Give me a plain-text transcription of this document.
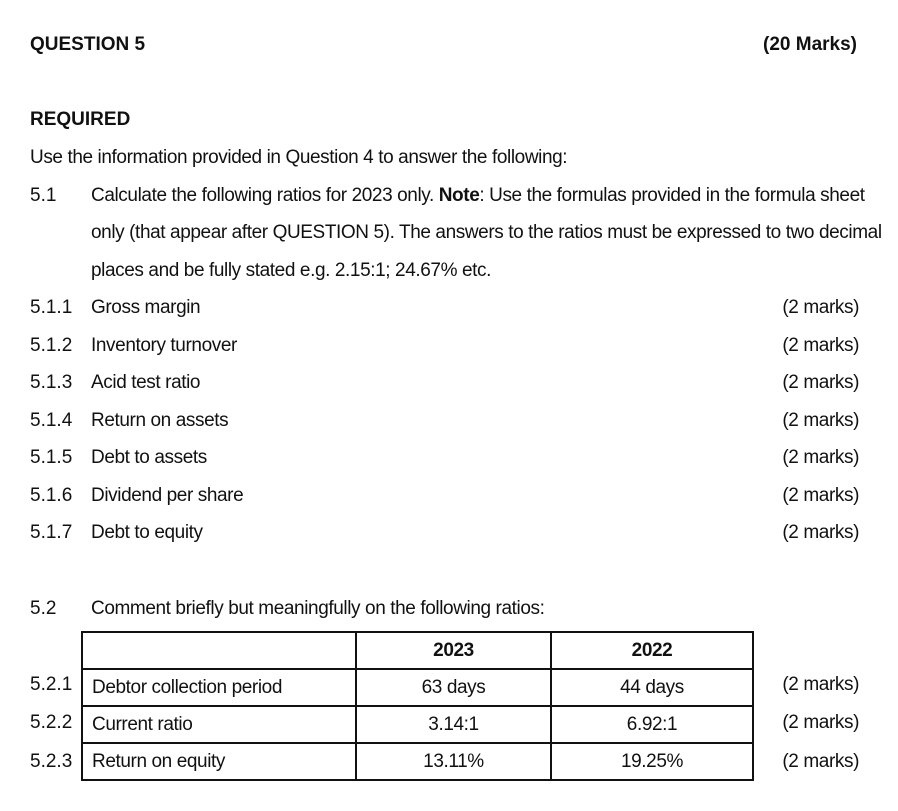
QUESTION 5	(20 Marks)
REQUIRED
Use the information provided in Question 4 to answer the following:
5.1 Calculate the following ratios for 2023 only. Note: Use the formulas provided in the formula sheet
only (that appear after QUESTION 5). The answers to the ratios must be expressed to two decimal
places and be fully stated e.g. 2.15:1; 24.67% etc.
5.1.1 Gross margin	(2 marks)
5.1.2 Inventory turnover	(2 marks)
5.1.3 Acid test ratio	(2 marks)
5.1.4 Return on assets	(2 marks)
5.1.5 Debt to assets	(2 marks)
5.1.6 Dividend per share	(2 marks)
5.1.7 Debt to equity	(2 marks)
5.2 Comment briefly but meaningfully on the following ratios:
	2023	2022
Debtor collection period	63 days	44 days
Current ratio	3.14:1	6.92:1
Return on equity	13.11%	19.25%
5.2.1	(2 marks)
5.2.2	(2 marks)
5.2.3	(2 marks)
